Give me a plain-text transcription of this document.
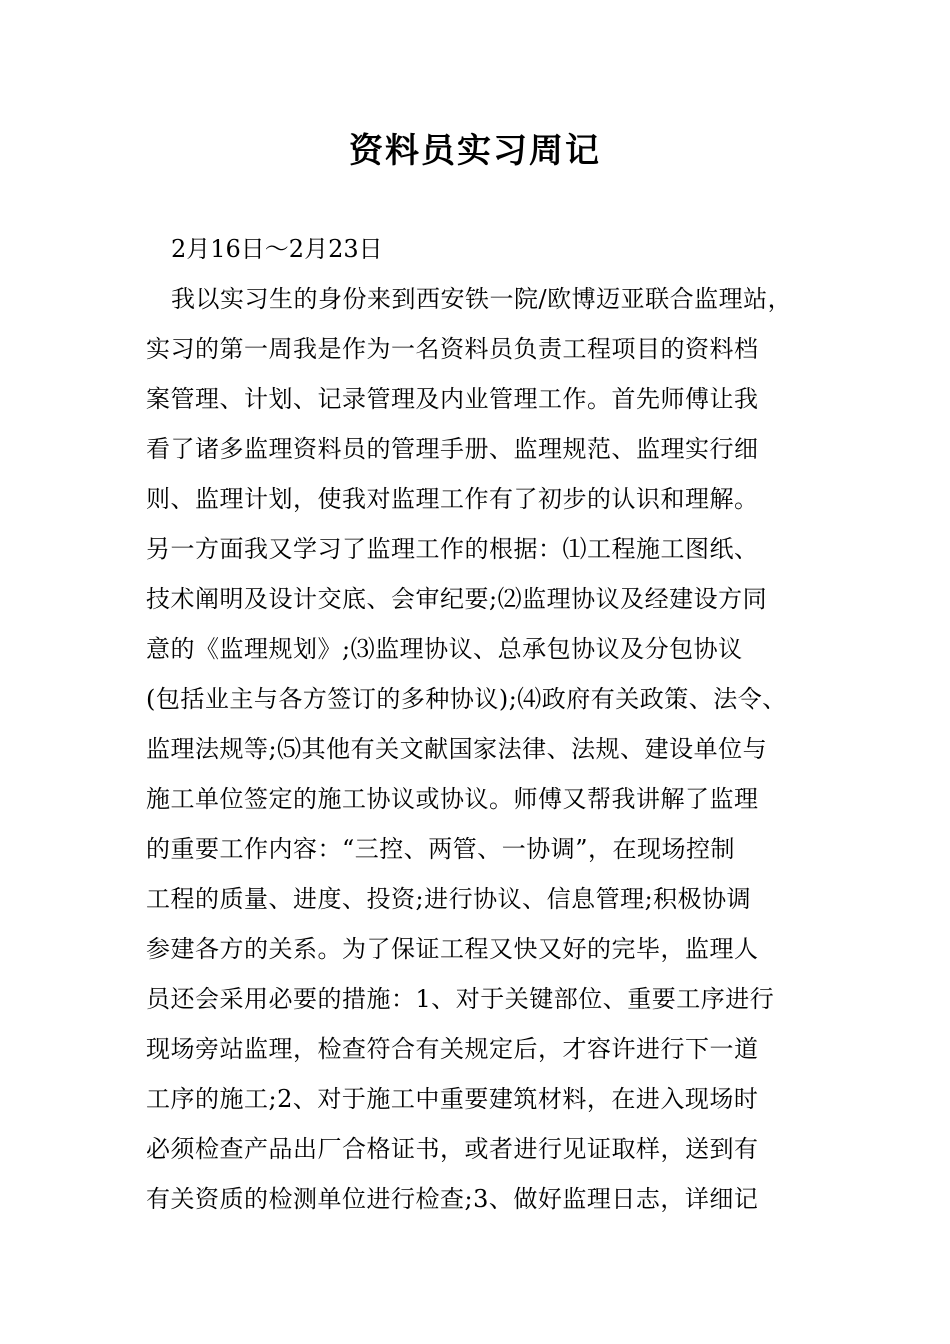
资料员实习周记
2月16日～2月23日
我以实习生的身份来到西安铁一院/欧博迈亚联合监理站，
实习的第一周我是作为一名资料员负责工程项目的资料档
案管理、计划、记录管理及内业管理工作。首先师傅让我
看了诸多监理资料员的管理手册、监理规范、监理实行细
则、监理计划，使我对监理工作有了初步的认识和理解。
另一方面我又学习了监理工作的根据：⑴工程施工图纸、
技术阐明及设计交底、会审纪要;⑵监理协议及经建设方同
意的《监理规划》;⑶监理协议、总承包协议及分包协议
(包括业主与各方签订的多种协议);⑷政府有关政策、法令、
监理法规等;⑸其他有关文献国家法律、法规、建设单位与
施工单位签定的施工协议或协议。师傅又帮我讲解了监理
的重要工作内容：“三控、两管、一协调”，在现场控制
工程的质量、进度、投资;进行协议、信息管理;积极协调
参建各方的关系。为了保证工程又快又好的完毕，监理人
员还会采用必要的措施：1、对于关键部位、重要工序进行
现场旁站监理，检查符合有关规定后，才容许进行下一道
工序的施工;2、对于施工中重要建筑材料，在进入现场时
必须检查产品出厂合格证书，或者进行见证取样，送到有
有关资质的检测单位进行检查;3、做好监理日志，详细记
